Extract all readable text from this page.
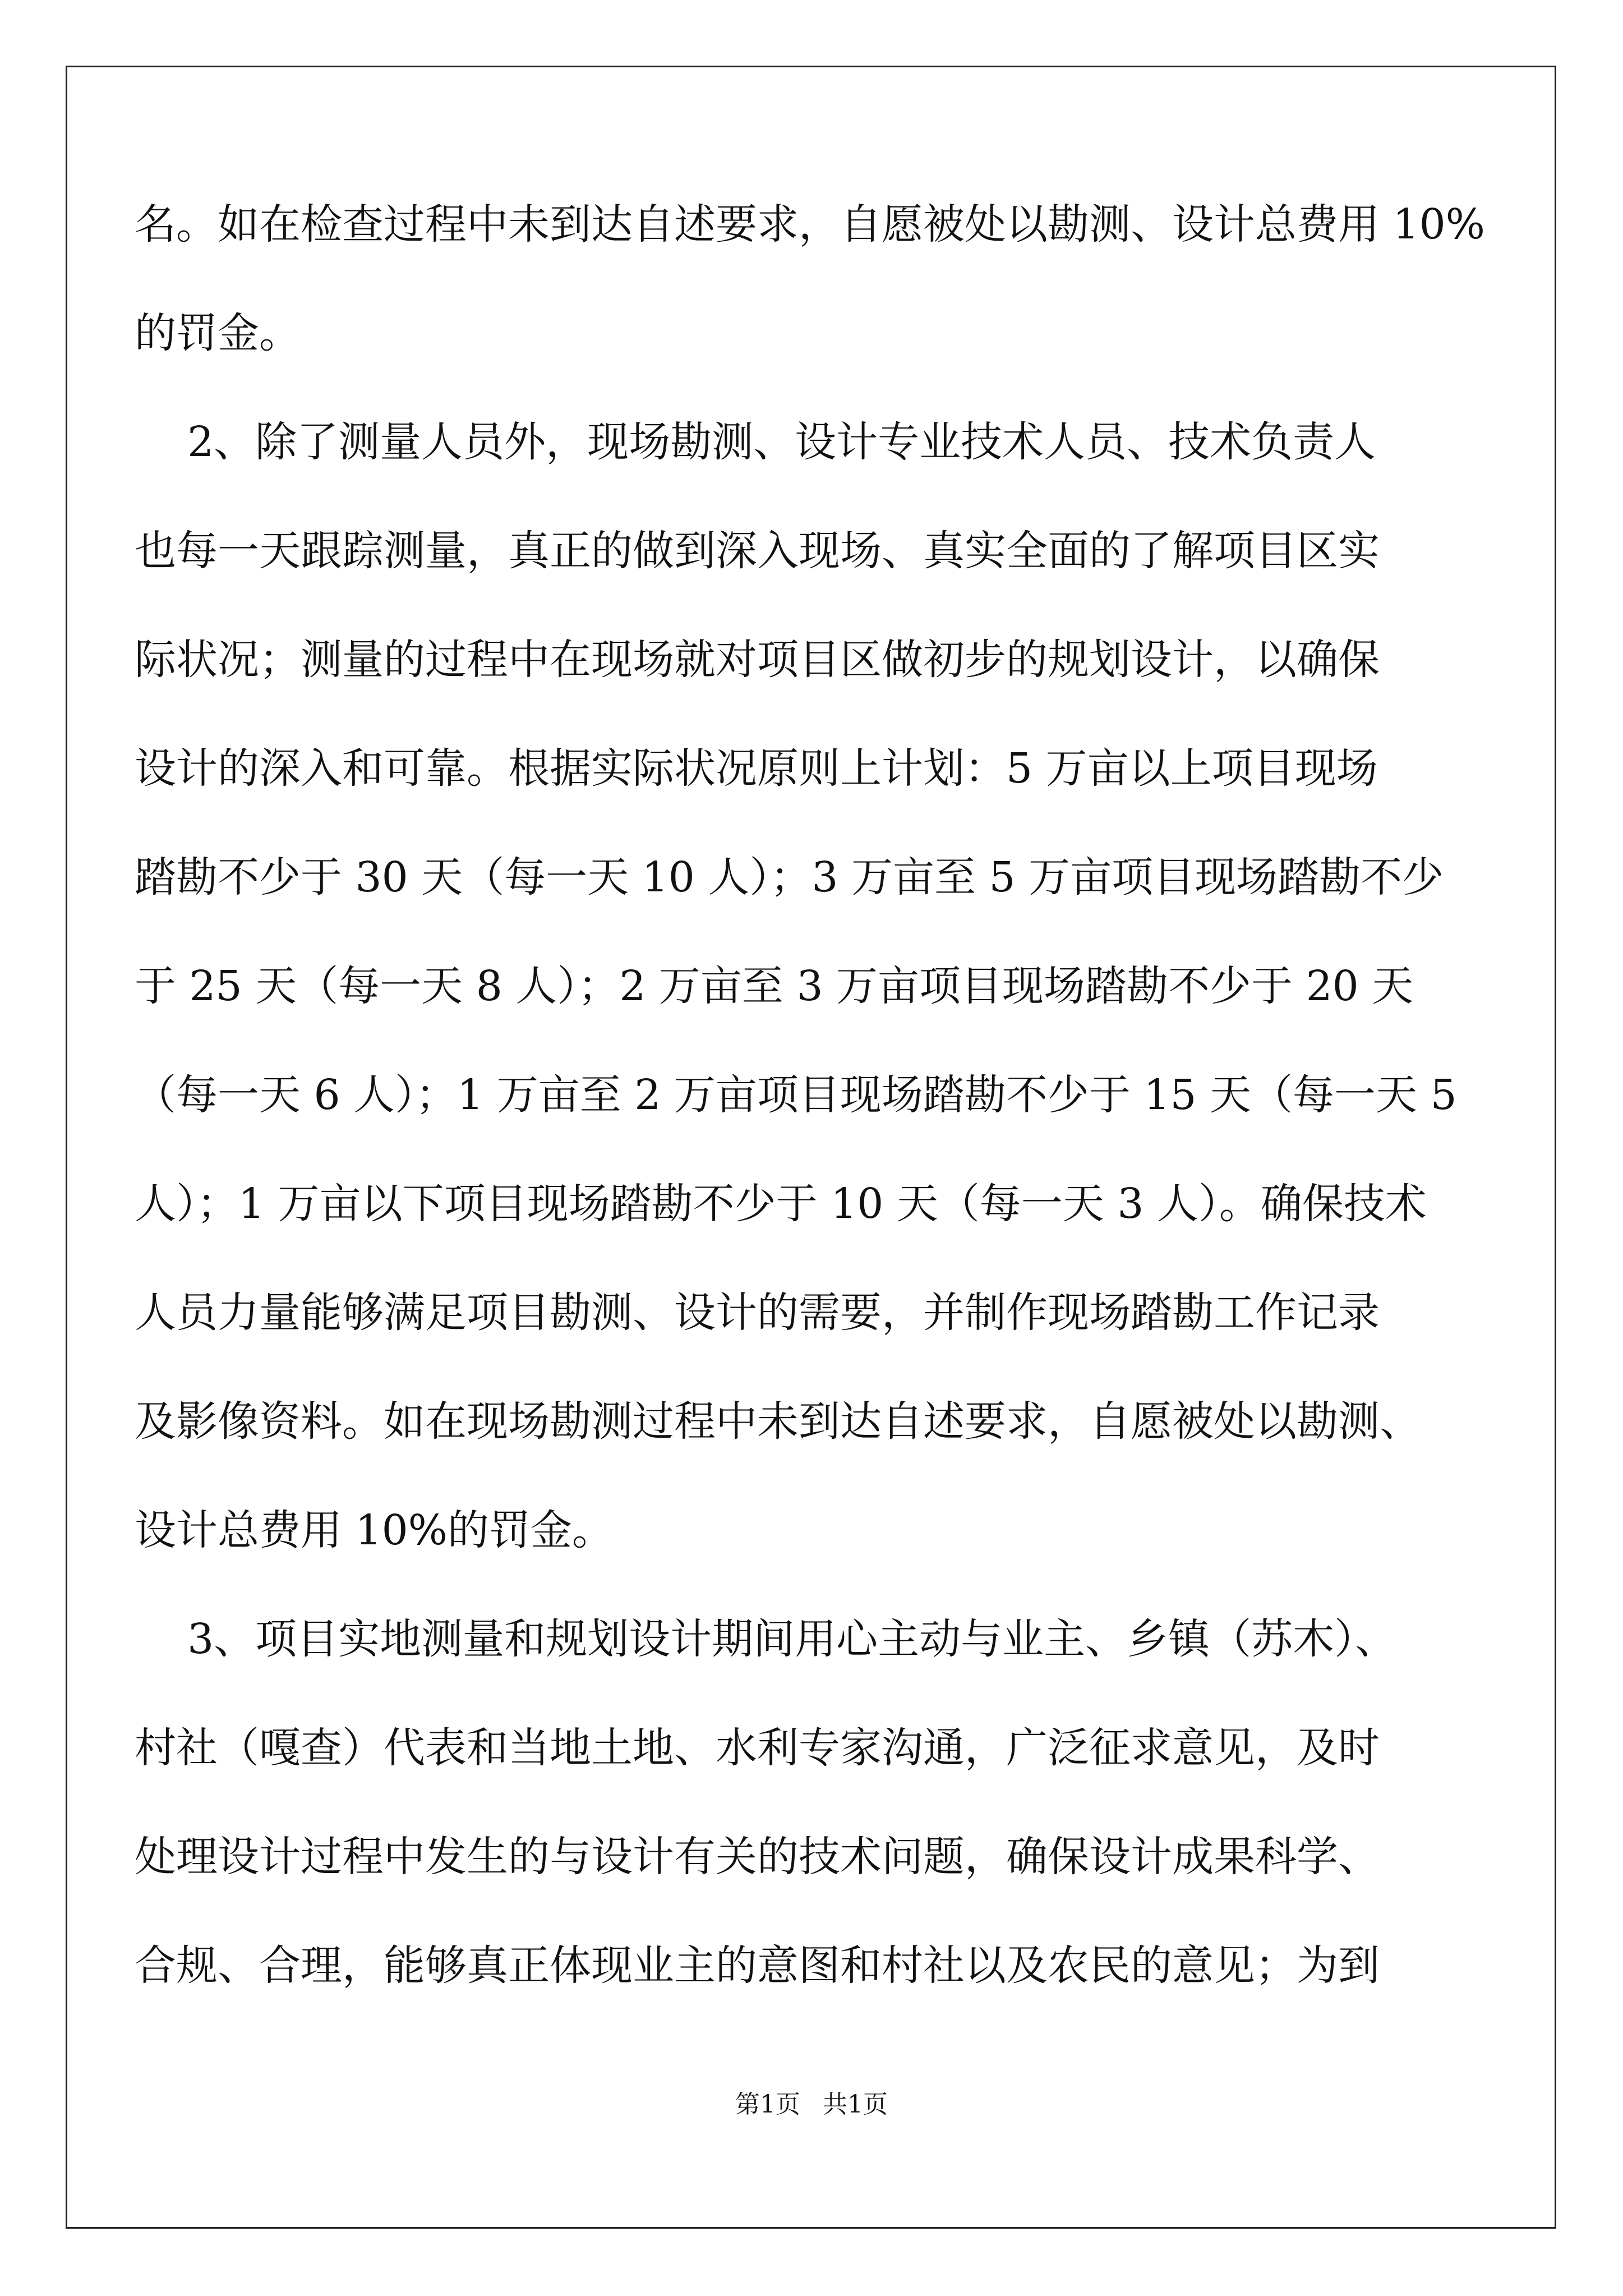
名。如在检查过程中未到达自述要求，自愿被处以勘测、设计总费用 10%
的罚金。
2、除了测量人员外，现场勘测、设计专业技术人员、技术负责人
也每一天跟踪测量，真正的做到深入现场、真实全面的了解项目区实
际状况；测量的过程中在现场就对项目区做初步的规划设计，以确保
设计的深入和可靠。根据实际状况原则上计划：5 万亩以上项目现场
踏勘不少于 30 天（每一天 10 人）；3 万亩至 5 万亩项目现场踏勘不少
于 25 天（每一天 8 人）；2 万亩至 3 万亩项目现场踏勘不少于 20 天
（每一天 6 人）；1 万亩至 2 万亩项目现场踏勘不少于 15 天（每一天 5
人）；1 万亩以下项目现场踏勘不少于 10 天（每一天 3 人）。确保技术
人员力量能够满足项目勘测、设计的需要，并制作现场踏勘工作记录
及影像资料。如在现场勘测过程中未到达自述要求，自愿被处以勘测、
设计总费用 10%的罚金。
3、项目实地测量和规划设计期间用心主动与业主、乡镇（苏木）、
村社（嘎查）代表和当地土地、水利专家沟通，广泛征求意见，及时
处理设计过程中发生的与设计有关的技术问题，确保设计成果科学、
合规、合理，能够真正体现业主的意图和村社以及农民的意见；为到
第1页 共1页
